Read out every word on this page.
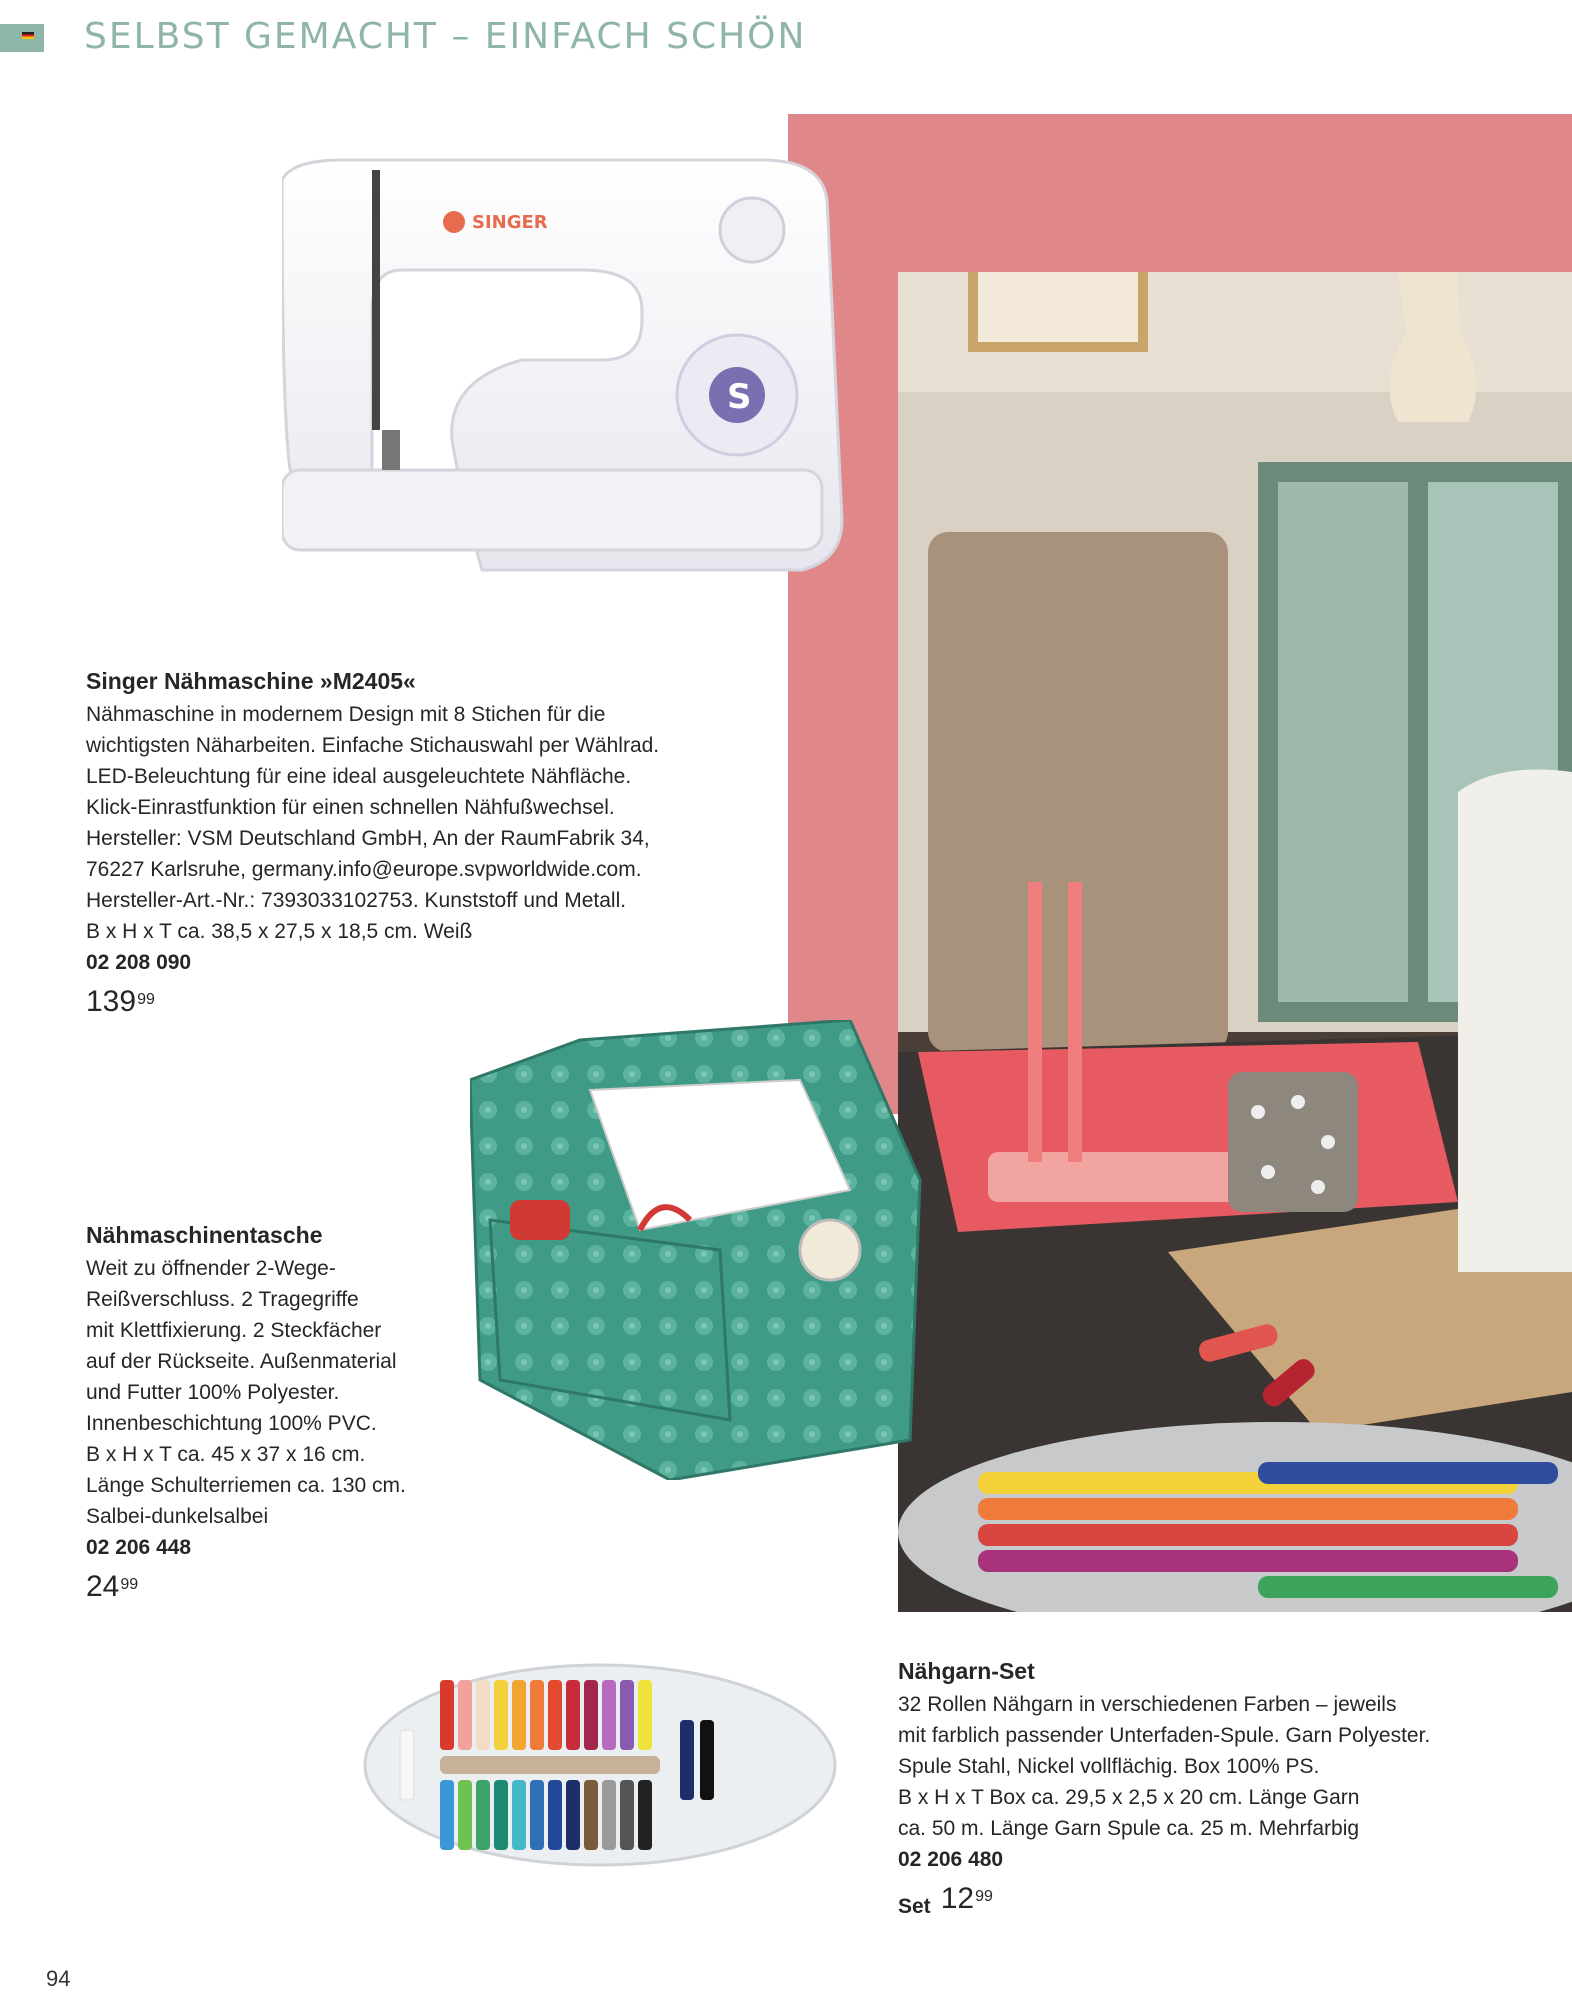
SELBST GEMACHT – EINFACH SCHÖN
SINGER
S
Singer Nähmaschine »M2405«
Nähmaschine in modernem Design mit 8 Stichen für die
wichtigsten Näharbeiten. Einfache Stichauswahl per Wählrad.
LED-Beleuchtung für eine ideal ausgeleuchtete Nähfläche.
Klick-Einrastfunktion für einen schnellen Nähfußwechsel.
Hersteller: VSM Deutschland GmbH, An der RaumFabrik 34,
76227 Karlsruhe, germany.info@europe.svpworldwide.com.
Hersteller-Art.-Nr.: 7393033102753. Kunststoff und Metall.
B x H x T ca. 38,5 x 27,5 x 18,5 cm. Weiß
02 208 090
139 99
Nähmaschinentasche
Weit zu öffnender 2-Wege-
Reißverschluss. 2 Tragegriffe
mit Klettfixierung. 2 Steckfächer
auf der Rückseite. Außenmaterial
und Futter 100% Polyester.
Innenbeschichtung 100% PVC.
B x H x T ca. 45 x 37 x 16 cm.
Länge Schulterriemen ca. 130 cm.
Salbei-dunkelsalbei
02 206 448
24 99
Nähgarn-Set
32 Rollen Nähgarn in verschiedenen Farben – jeweils
mit farblich passender Unterfaden-Spule. Garn Polyester.
Spule Stahl, Nickel vollflächig. Box 100% PS.
B x H x T Box ca. 29,5 x 2,5 x 20 cm. Länge Garn
ca. 50 m. Länge Garn Spule ca. 25 m. Mehrfarbig
02 206 480
Set 12 99
94
